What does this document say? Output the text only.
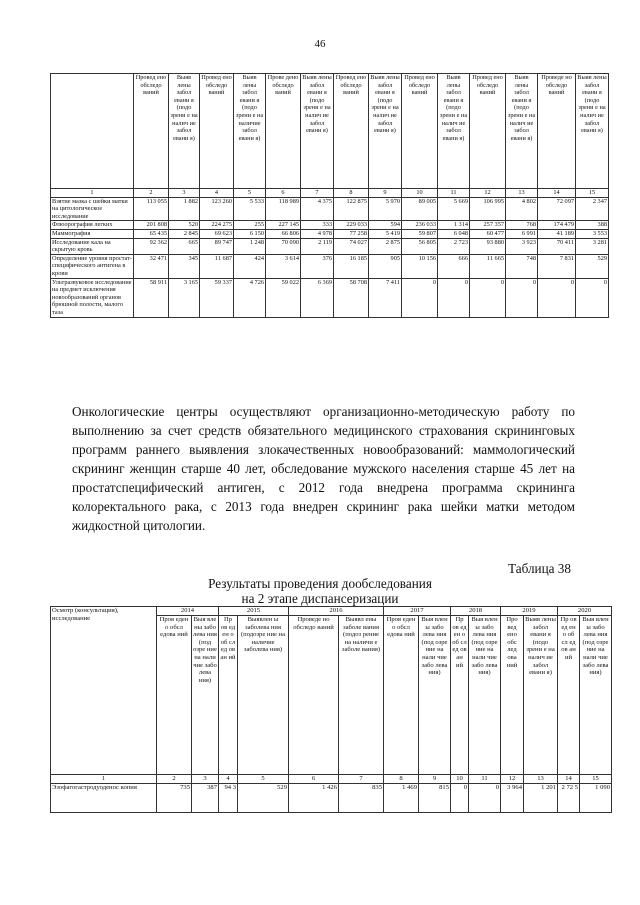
46
	Провед ено обследо ваний	Выяв лены забол евани я (подо зрени е на налич ие забол евани я)	Провед ено обследо ваний	Выяв лены забол евани я (подо зрени е на наличие забол евани я)	Прове дено обследо ваний	Выяв лены забол евани я (подо зрени е на налич ие забол евани я)	Провед ено обследо ваний	Выяв лены забол евани я (подо зрени е на налич ие забол евани я)	Провед ено обследо ваний	Выяв лены забол евани я (подо зрени е на налич ие забол евани я)	Провед ено обследо ваний	Выяв лены забол евани я (подо зрени е на налич ие забол евани я)	Проведе но обследо ваний	Выяв лены забол евани я (подо зрени е на налич ие забол евани я)
1	2	3	4	5	6	7	8	9	10	11	12	13	14	15
Взятие мазка с шейки матки на цитологическое исследование	113 055	1 882	123 260	5 533	118 989	4 375	122 875	5 970	89 005	5 669	106 995	4 802	72 097	2 347
Флюорография легких	201 808	520	224 275	255	227 145	333	229 033	594	236 033	1 314	257 357	768	174 479	388
Маммография	65 435	2 845	69 623	6 150	66 806	4 978	77 258	5 419	59 807	6 048	60 477	6 991	41 189	3 553
Исследование кала на скрытую кровь	92 362	665	89 747	1 248	70 090	2 119	74 027	2 875	56 805	2 723	93 880	3 923	70 411	3 281
Определение уровня простат-специфического антигена в крови	32 471	345	11 687	424	3 614	376	16 185	905	10 156	666	11 665	748	7 831	529
Ультразвуковое исследование на предмет исключения новообразований органов брюшной полости, малого таза	58 911	3 165	59 337	4 726	59 022	6 369	58 708	7 411	0	0	0	0	0	0

Онкологические центры осуществляют организационно-методическую работу по выполнению за счет средств обязательного медицинского страхования скрининговых программ раннего выявления злокачественных новообразований: маммологический скрининг женщин старше 40 лет, обследование мужского населения старше 45 лет на простатспецифический антиген, с 2012 года внедрена программа скрининга колоректального рака, с 2013 года внедрен скрининг рака шейки матки методом жидкостной цитологии.

Таблица 38
Результаты проведения дообследования
на 2 этапе диспансеризации
Осмотр (консультация), исследование	2014		2015		2016		2017		2018		2019		2020	
	Пров еден о обсл едова ний	Выя вле ны забо лева ния (под озре ние на нали чие забо лева ния)	Пр ов ед ен о об сл ед ов ан ий	Выявлен ы заболева ния (подозре ние на наличие заболева ния)	Проведе но обследо ваний	Выявл ены заболе вания (подоз рение на наличи е заболе вания)	Пров еден о обсл едова ний	Выя влен ы забо лева ния (под озре ние на нали чие забо лева ния)	Пр ов ед ен о об сл ед ов ан ий	Выя влен ы забо лева ния (под озре ние на нали чие забо лева ния)	Про вед ено обс лед ова ний	Выяв лены забол евани я (подо зрени е на налич ие забол евани я)	Пр ов ед ен о об сл ед ов ан ий	Выя влен ы забо лева ния (под озре ние на нали чие забо лева ния)
1	2	3	4	5	6	7	8	9	10	11	12	13	14	15
Эзофагогастродуоденос копия	735	387	94 3	529	1 426	835	1 469	815	0	0	3 964	1 201	2 72 5	1 090
